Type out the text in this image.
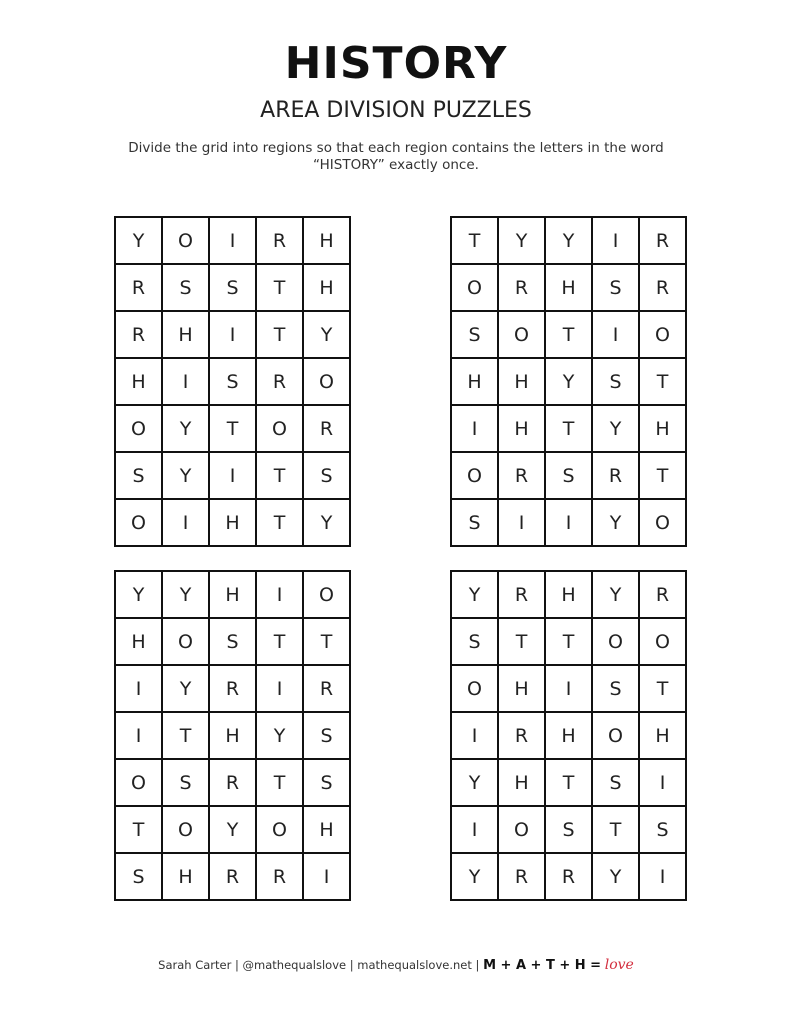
HISTORY
AREA DIVISION PUZZLES
Divide the grid into regions so that each region contains the letters in the word “HISTORY” exactly once.
Y	O	I	R	H
R	S	S	T	H
R	H	I	T	Y
H	I	S	R	O
O	Y	T	O	R
S	Y	I	T	S
O	I	H	T	Y
T	Y	Y	I	R
O	R	H	S	R
S	O	T	I	O
H	H	Y	S	T
I	H	T	Y	H
O	R	S	R	T
S	I	I	Y	O
Y	Y	H	I	O
H	O	S	T	T
I	Y	R	I	R
I	T	H	Y	S
O	S	R	T	S
T	O	Y	O	H
S	H	R	R	I
Y	R	H	Y	R
S	T	T	O	O
O	H	I	S	T
I	R	H	O	H
Y	H	T	S	I
I	O	S	T	S
Y	R	R	Y	I
Sarah Carter | @mathequalslove | mathequalslove.net | M + A + T + H = love
